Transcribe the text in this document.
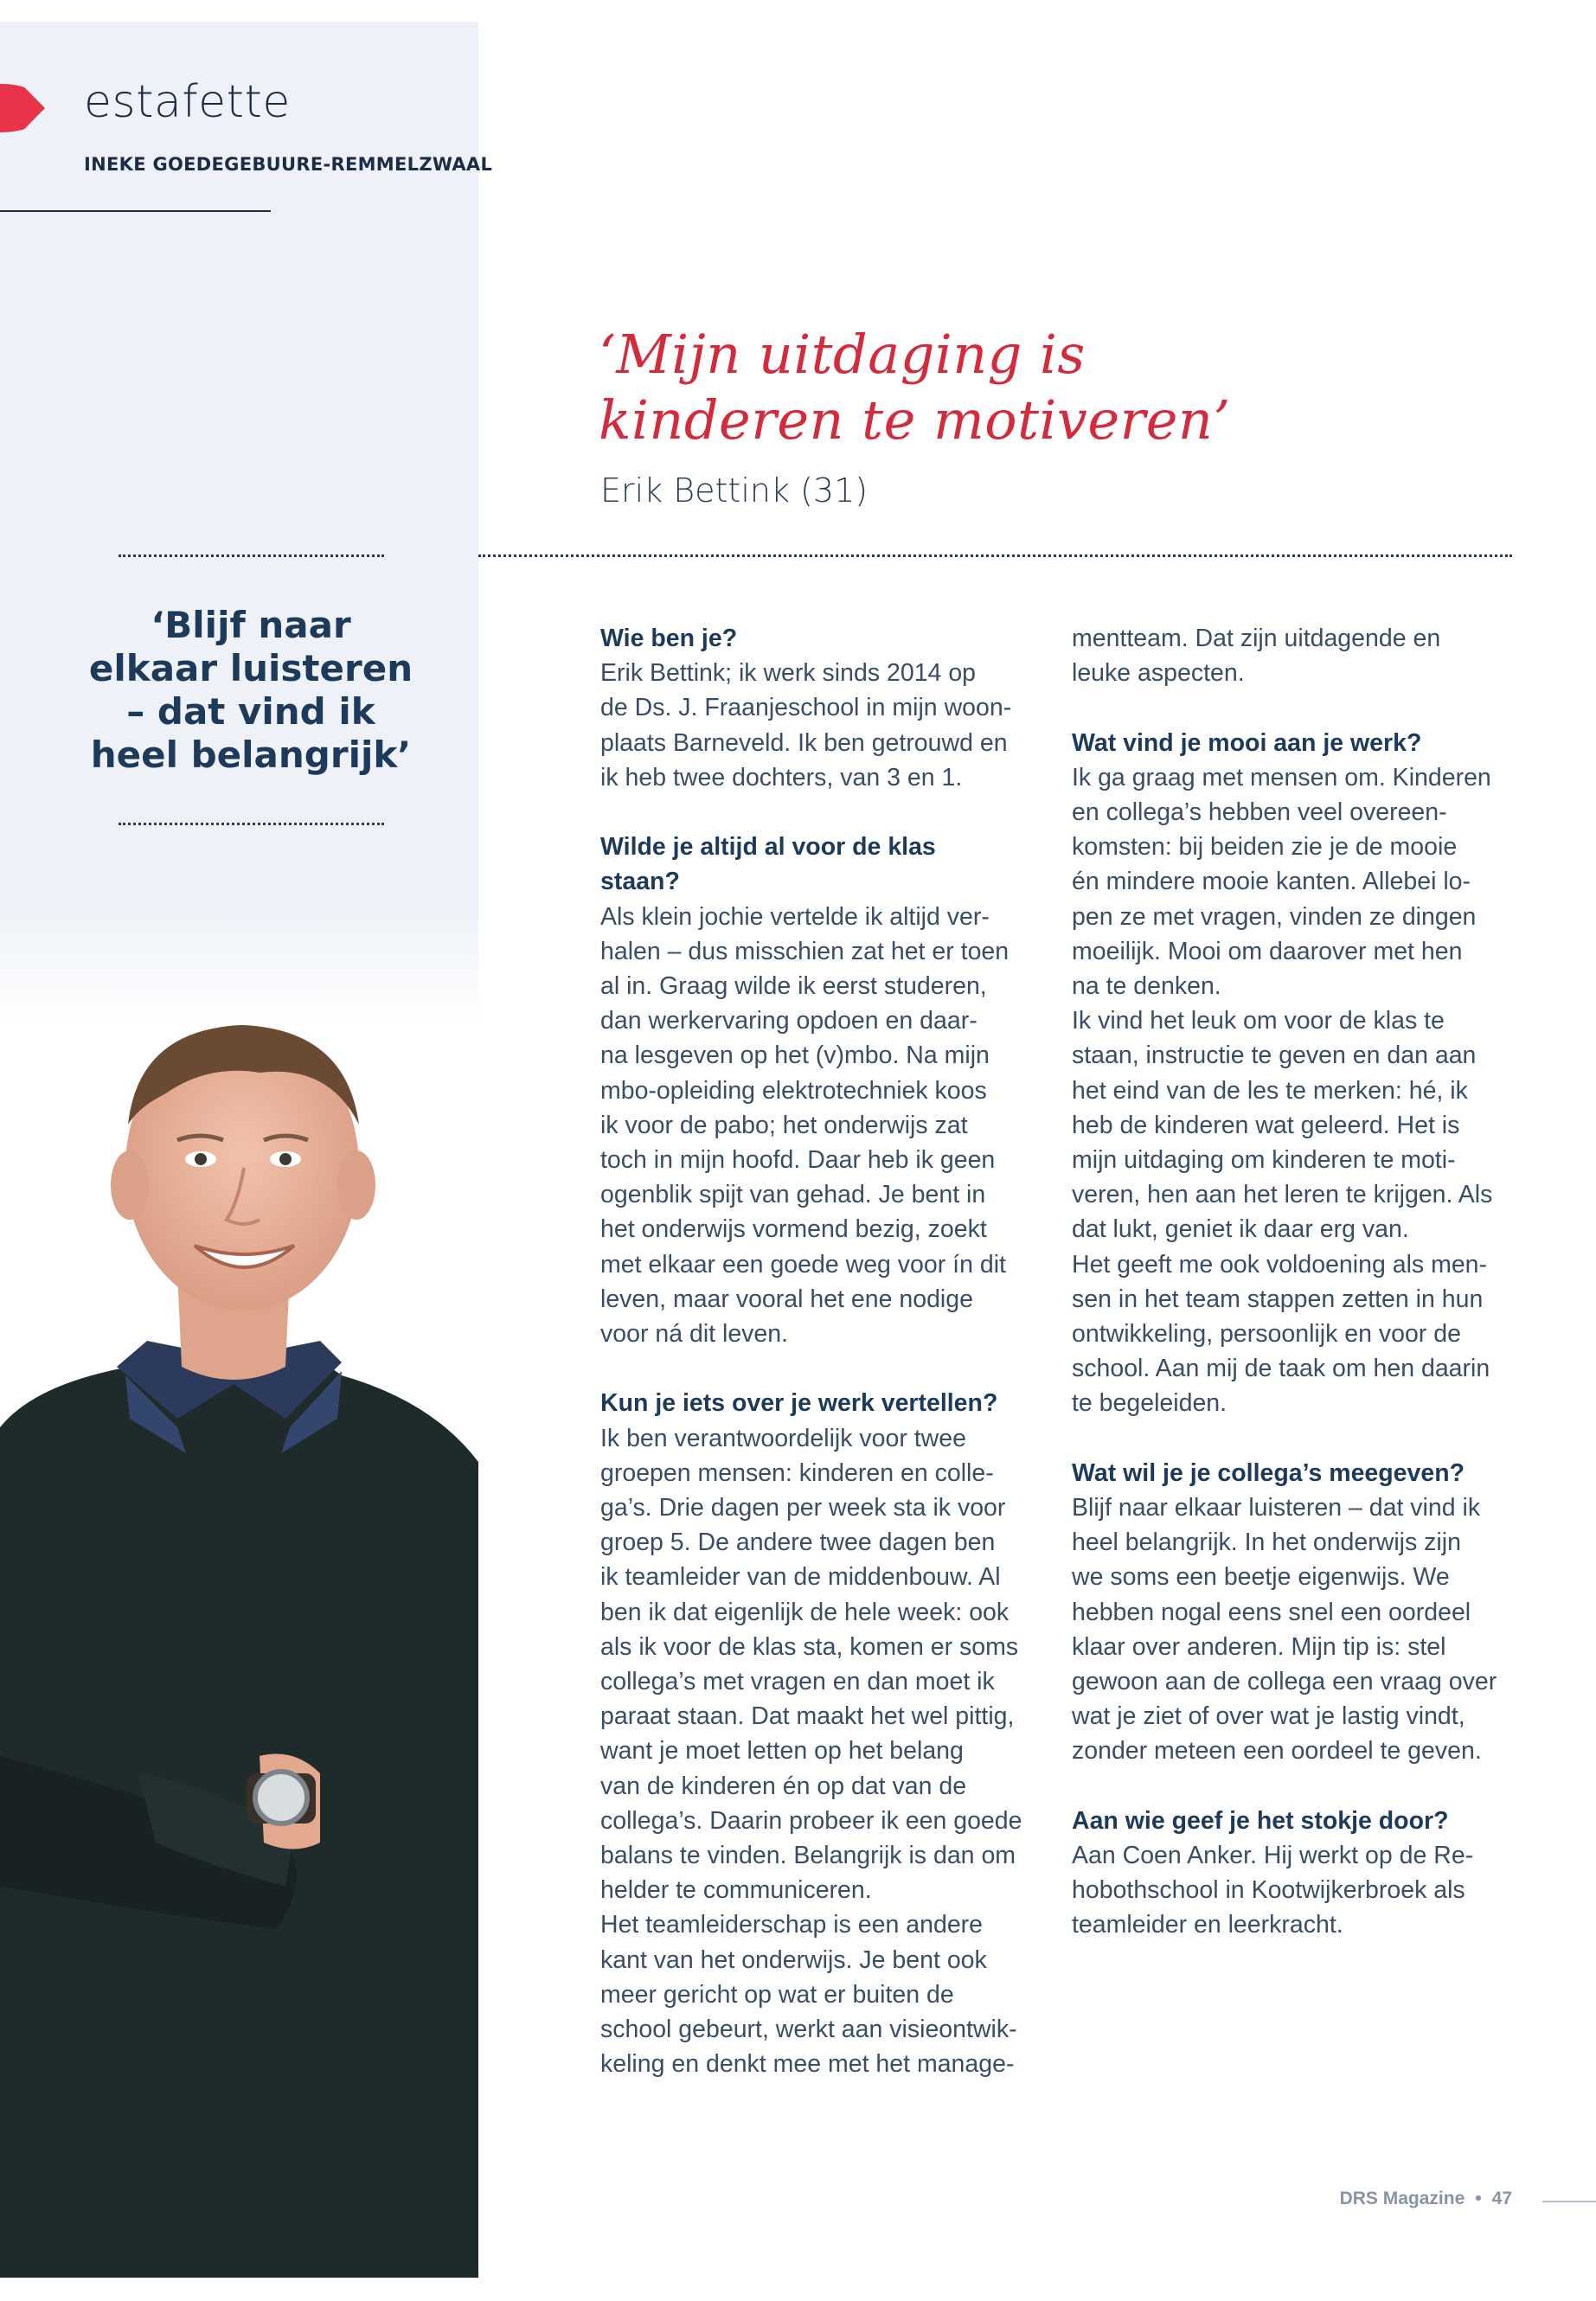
estafette
INEKE GOEDEGEBUURE-REMMELZWAAL
‘Blijf naar elkaar luisteren – dat vind ik heel belangrijk’
‘Mijn uitdaging is
kinderen te motiveren’
Erik Bettink (31)
Wie ben je?
Erik Bettink; ik werk sinds 2014 op
de Ds. J. Fraanjeschool in mijn woon-
plaats Barneveld. Ik ben getrouwd en
ik heb twee dochters, van 3 en 1.
Wilde je altijd al voor de klas
staan?
Als klein jochie vertelde ik altijd ver-
halen – dus misschien zat het er toen
al in. Graag wilde ik eerst studeren,
dan werkervaring opdoen en daar-
na lesgeven op het (v)mbo. Na mijn
mbo-opleiding elektrotechniek koos
ik voor de pabo; het onderwijs zat
toch in mijn hoofd. Daar heb ik geen
ogenblik spijt van gehad. Je bent in
het onderwijs vormend bezig, zoekt
met elkaar een goede weg voor ín dit
leven, maar vooral het ene nodige
voor ná dit leven.
Kun je iets over je werk vertellen?
Ik ben verantwoordelijk voor twee
groepen mensen: kinderen en colle-
ga’s. Drie dagen per week sta ik voor
groep 5. De andere twee dagen ben
ik teamleider van de middenbouw. Al
ben ik dat eigenlijk de hele week: ook
als ik voor de klas sta, komen er soms
collega’s met vragen en dan moet ik
paraat staan. Dat maakt het wel pittig,
want je moet letten op het belang
van de kinderen én op dat van de
collega’s. Daarin probeer ik een goede
balans te vinden. Belangrijk is dan om
helder te communiceren.
Het teamleiderschap is een andere
kant van het onderwijs. Je bent ook
meer gericht op wat er buiten de
school gebeurt, werkt aan visieontwik-
keling en denkt mee met het manage-
mentteam. Dat zijn uitdagende en
leuke aspecten.
Wat vind je mooi aan je werk?
Ik ga graag met mensen om. Kinderen
en collega’s hebben veel overeen-
komsten: bij beiden zie je de mooie
én mindere mooie kanten. Allebei lo-
pen ze met vragen, vinden ze dingen
moeilijk. Mooi om daarover met hen
na te denken.
Ik vind het leuk om voor de klas te
staan, instructie te geven en dan aan
het eind van de les te merken: hé, ik
heb de kinderen wat geleerd. Het is
mijn uitdaging om kinderen te moti-
veren, hen aan het leren te krijgen. Als
dat lukt, geniet ik daar erg van.
Het geeft me ook voldoening als men-
sen in het team stappen zetten in hun
ontwikkeling, persoonlijk en voor de
school. Aan mij de taak om hen daarin
te begeleiden.
Wat wil je je collega’s meegeven?
Blijf naar elkaar luisteren – dat vind ik
heel belangrijk. In het onderwijs zijn
we soms een beetje eigenwijs. We
hebben nogal eens snel een oordeel
klaar over anderen. Mijn tip is: stel
gewoon aan de collega een vraag over
wat je ziet of over wat je lastig vindt,
zonder meteen een oordeel te geven.
Aan wie geef je het stokje door?
Aan Coen Anker. Hij werkt op de Re-
hobothschool in Kootwijkerbroek als
teamleider en leerkracht.
DRS Magazine • 47
